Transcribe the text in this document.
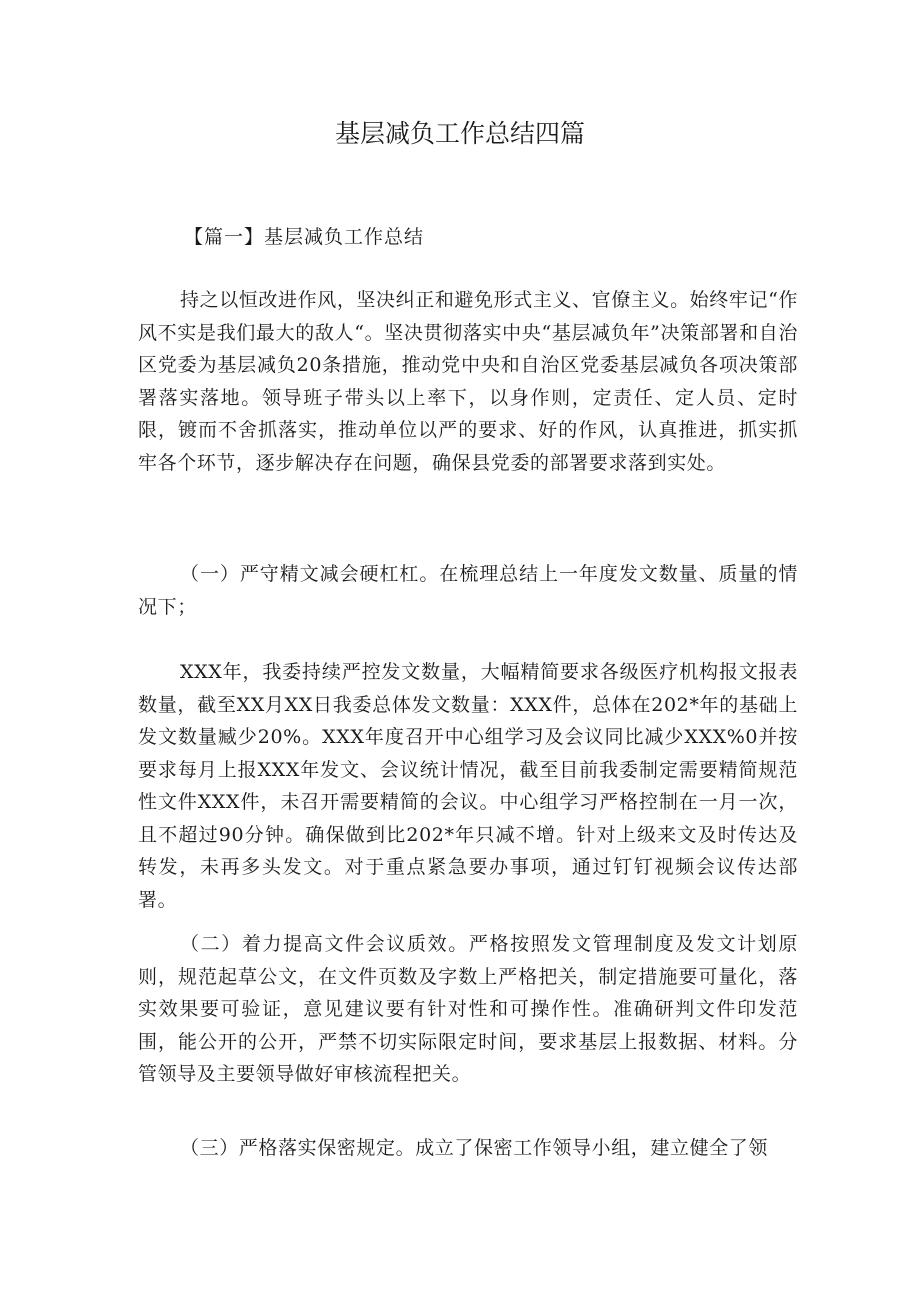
基层减负工作总结四篇

【篇一】基层减负工作总结

持之以恒改进作风，坚决纠正和避免形式主义、官僚主义。始终牢记“作风不实是我们最大的敌人“。坚决贯彻落实中央“基层减负年”决策部署和自治区党委为基层减负20条措施，推动党中央和自治区党委基层减负各项决策部署落实落地。领导班子带头以上率下，以身作则，定责任、定人员、定时限，镀而不舍抓落实，推动单位以严的要求、好的作风，认真推进，抓实抓牢各个环节，逐步解决存在问题，确保县党委的部署要求落到实处。

（一）严守精文减会硬杠杠。在梳理总结上一年度发文数量、质量的情况下；

XXX年，我委持续严控发文数量，大幅精简要求各级医疗机构报文报表数量，截至XX月XX日我委总体发文数量：XXX件，总体在202*年的基础上发文数量臧少20%。XXX年度召开中心组学习及会议同比减少XXX%0并按要求每月上报XXX年发文、会议统计情况，截至目前我委制定需要精简规范性文件XXX件，未召开需要精简的会议。中心组学习严格控制在一月一次，且不超过90分钟。确保做到比202*年只减不增。针对上级来文及时传达及转发，未再多头发文。对于重点紧急要办事项，通过钉钉视频会议传达部署。

（二）着力提高文件会议质效。严格按照发文管理制度及发文计划原则，规范起草公文，在文件页数及字数上严格把关，制定措施要可量化，落实效果要可验证，意见建议要有针对性和可操作性。准确研判文件印发范围，能公开的公开，严禁不切实际限定时间，要求基层上报数据、材料。分管领导及主要领导做好审核流程把关。

（三）严格落实保密规定。成立了保密工作领导小组，建立健全了领
